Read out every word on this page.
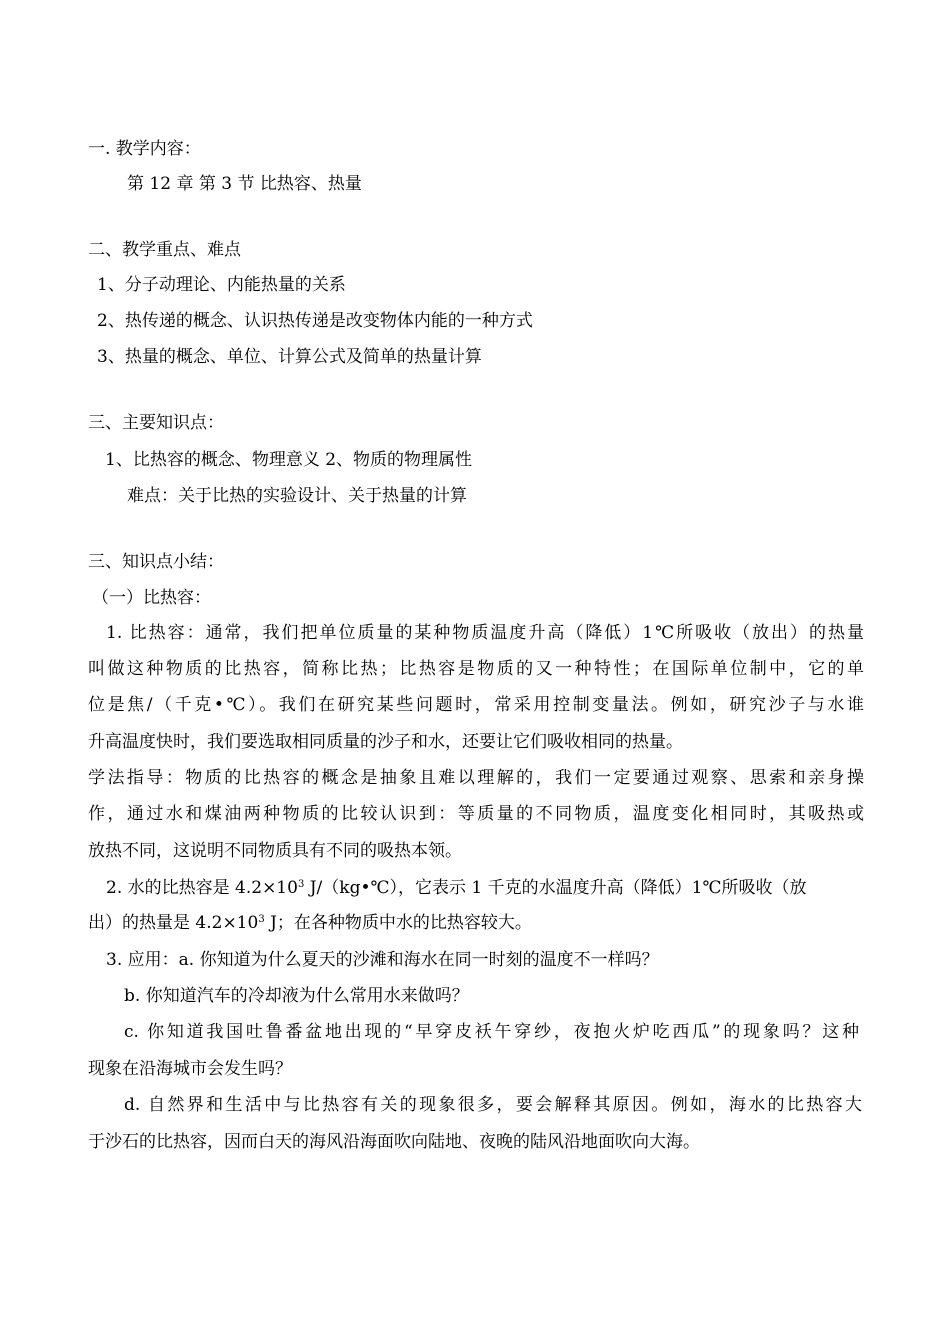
一. 教学内容：
第 12 章 第 3 节 比热容、热量
二、教学重点、难点
1、分子动理论、内能热量的关系
2、热传递的概念、认识热传递是改变物体内能的一种方式
3、热量的概念、单位、计算公式及简单的热量计算
三、主要知识点：
1、比热容的概念、物理意义 2、物质的物理属性
难点：关于比热的实验设计、关于热量的计算
三、知识点小结：
（一）比热容：
1. 比热容：通常，我们把单位质量的某种物质温度升高（降低）1℃所吸收（放出）的热量
叫做这种物质的比热容，简称比热；比热容是物质的又一种特性；在国际单位制中，它的单
位是焦/（千克•℃）。我们在研究某些问题时，常采用控制变量法。例如，研究沙子与水谁
升高温度快时，我们要选取相同质量的沙子和水，还要让它们吸收相同的热量。
学法指导：物质的比热容的概念是抽象且难以理解的，我们一定要通过观察、思索和亲身操
作，通过水和煤油两种物质的比较认识到：等质量的不同物质，温度变化相同时，其吸热或
放热不同，这说明不同物质具有不同的吸热本领。
2. 水的比热容是 $4.2\times 10^3$ J/（kg•℃），它表示 1 千克的水温度升高（降低）1℃所吸收（放
出）的热量是 $4.2\times 10^3$ J；在各种物质中水的比热容较大。
3. 应用：a. 你知道为什么夏天的沙滩和海水在同一时刻的温度不一样吗？
b. 你知道汽车的冷却液为什么常用水来做吗？
c. 你知道我国吐鲁番盆地出现的“早穿皮袄午穿纱，夜抱火炉吃西瓜”的现象吗？这种
现象在沿海城市会发生吗？
d. 自然界和生活中与比热容有关的现象很多，要会解释其原因。例如，海水的比热容大
于沙石的比热容，因而白天的海风沿海面吹向陆地、夜晚的陆风沿地面吹向大海。
